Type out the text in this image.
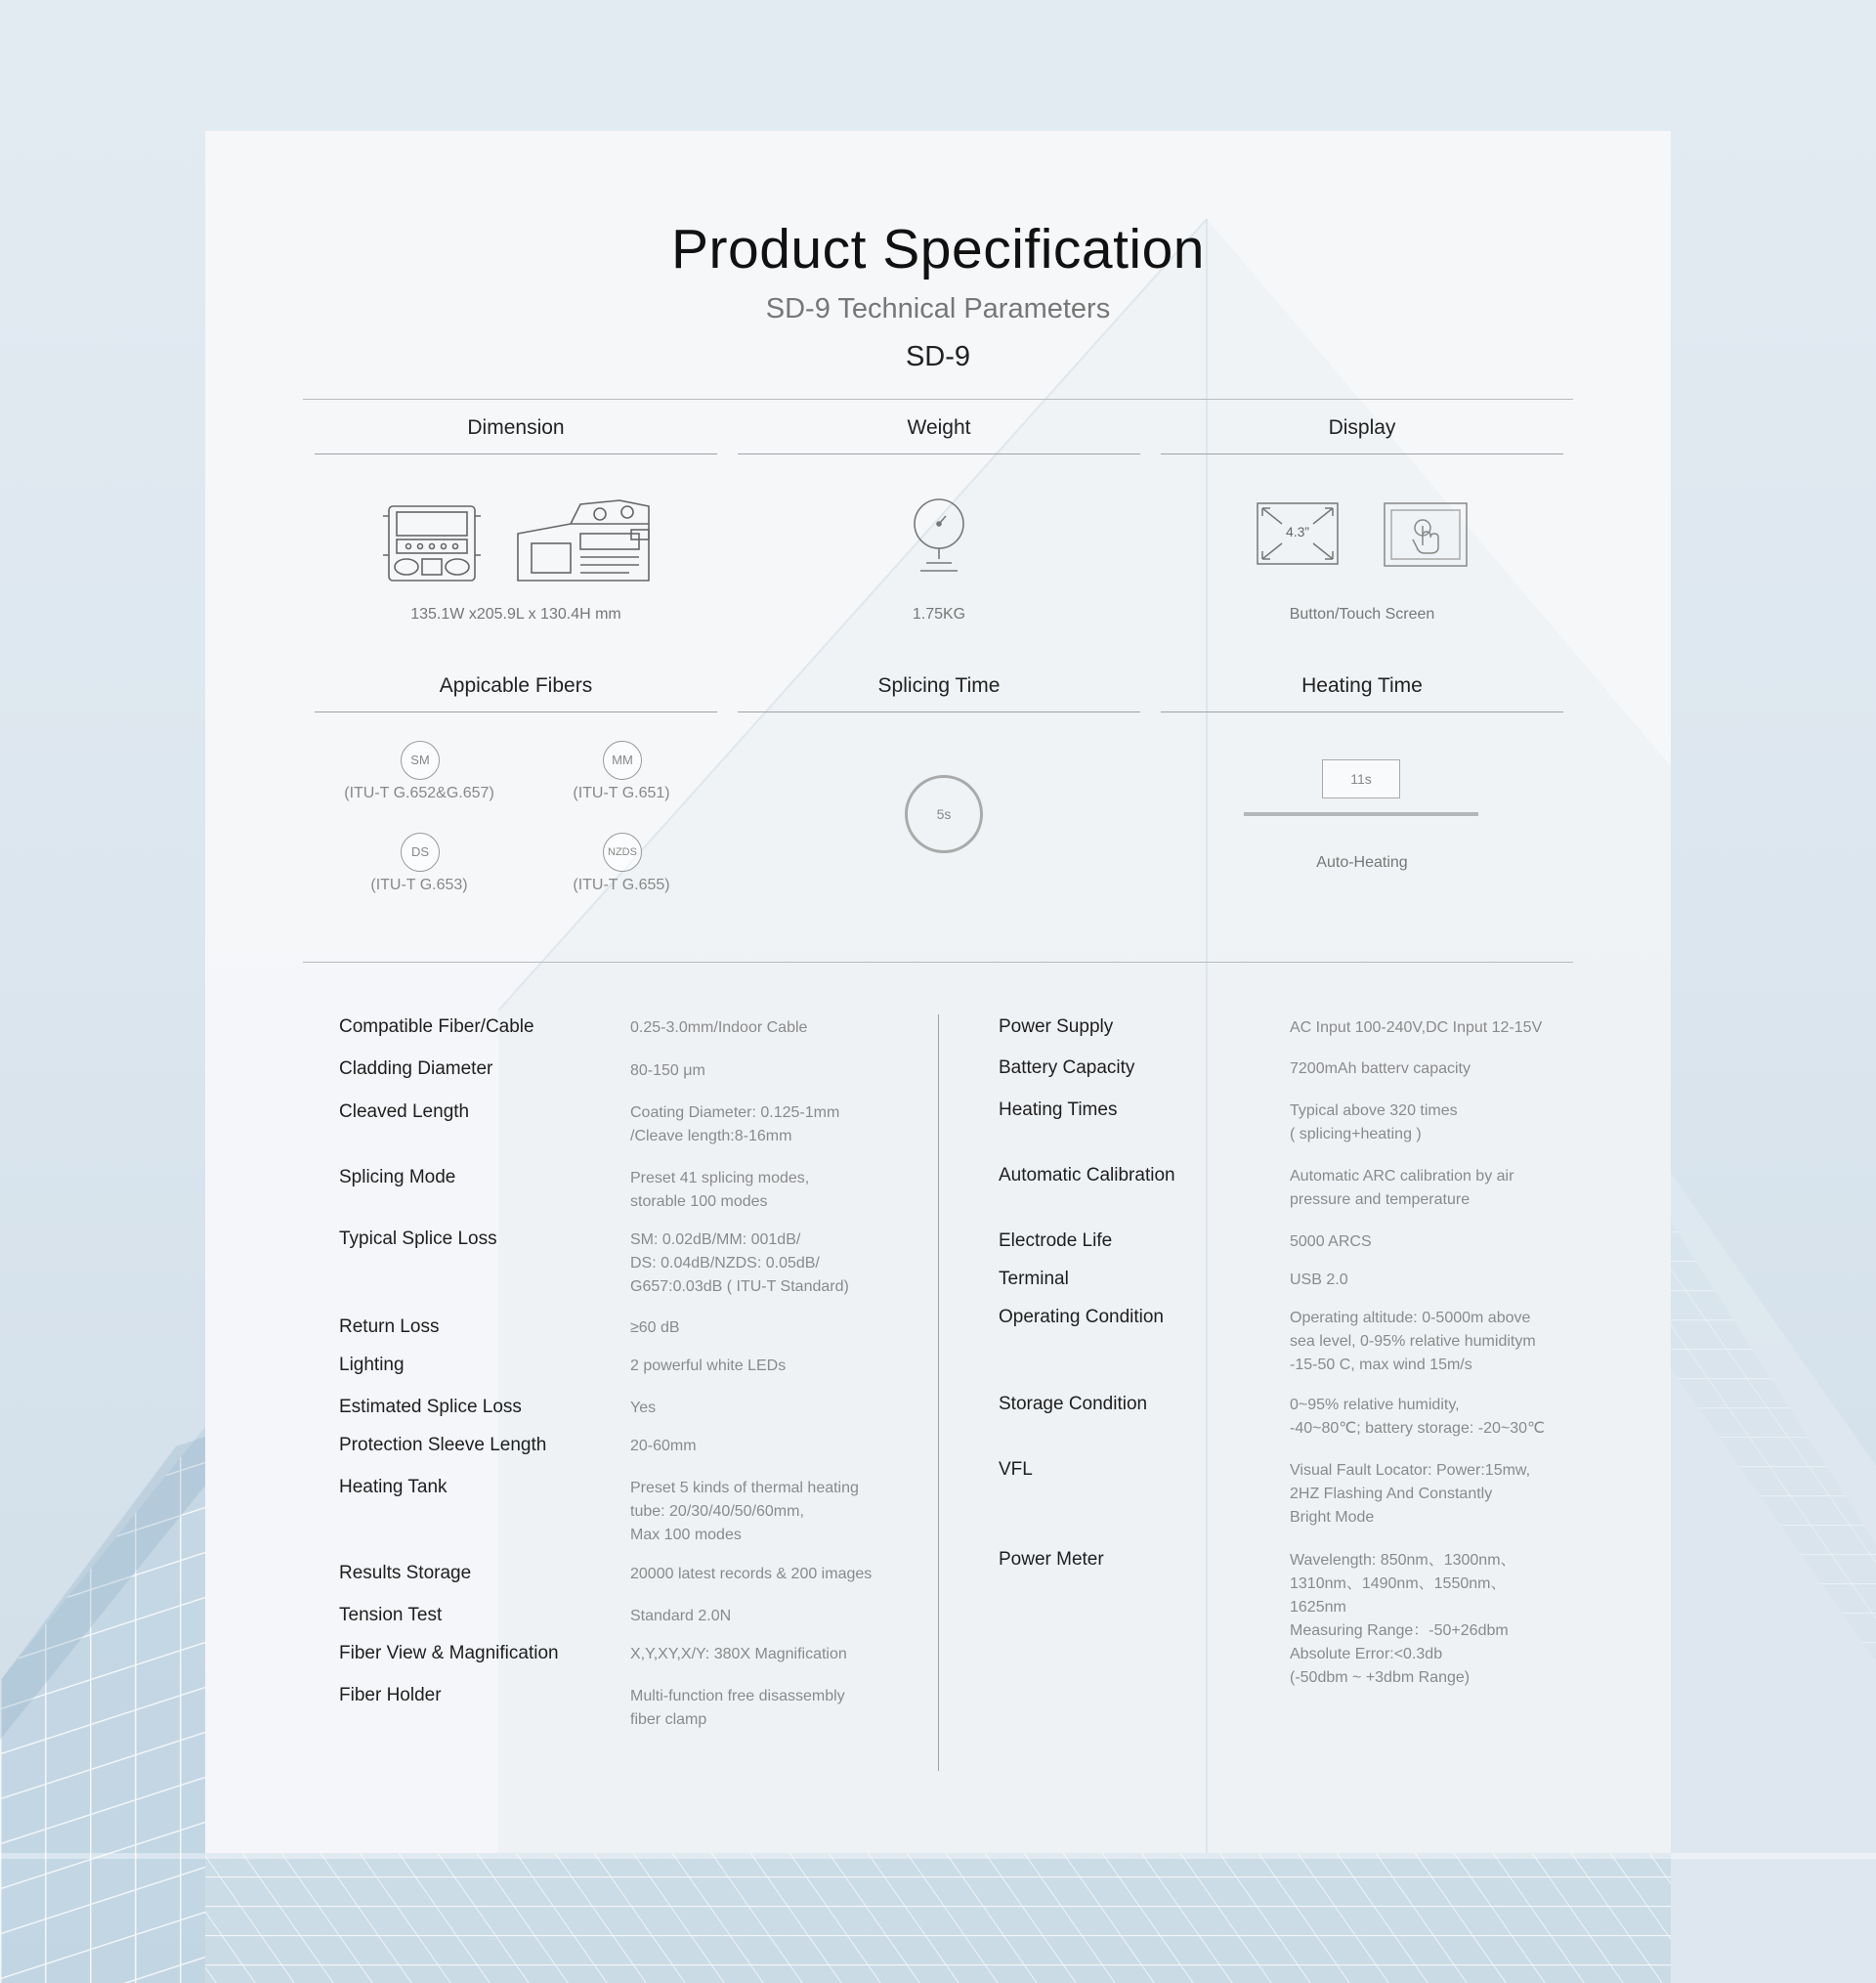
Product Specification
SD-9 Technical Parameters
SD-9
Dimension	Weight	Display
135.1W x205.9L x 130.4H mm	1.75KG
4.3”
Button/Touch Screen
Appicable Fibers	Splicing Time	Heating Time
SM
(ITU-T G.652&G.657)
MM
(ITU-T G.651)
DS
(ITU-T G.653)
NZDS
(ITU-T G.655)
5s
11s
Auto-Heating
Compatible Fiber/Cable	0.25-3.0mm/Indoor Cable
Cladding Diameter	80-150 μm
Cleaved Length	Coating Diameter: 0.125-1mm
/Cleave length:8-16mm
Splicing Mode	Preset 41 splicing modes,
storable 100 modes
Typical Splice Loss	SM: 0.02dB/MM: 001dB/
DS: 0.04dB/NZDS: 0.05dB/
G657:0.03dB ( ITU-T Standard)
Return Loss	≥60 dB
Lighting	2 powerful white LEDs
Estimated Splice Loss	Yes
Protection Sleeve Length	20-60mm
Heating Tank	Preset 5 kinds of thermal heating
tube: 20/30/40/50/60mm,
Max 100 modes
Results Storage	20000 latest records & 200 images
Tension Test	Standard 2.0N
Fiber View & Magnification	X,Y,XY,X/Y: 380X Magnification
Fiber Holder	Multi-function free disassembly
fiber clamp
Power Supply	AC Input 100-240V,DC Input 12-15V
Battery Capacity	7200mAh batterv capacity
Heating Times	Typical above 320 times
( splicing+heating )
Automatic Calibration	Automatic ARC calibration by air
pressure and temperature
Electrode Life	5000 ARCS
Terminal	USB 2.0
Operating Condition	Operating altitude: 0-5000m above
sea level, 0-95% relative humiditym
-15-50 C, max wind 15m/s
Storage Condition	0~95% relative humidity,
-40~80℃; battery storage: -20~30℃
VFL	Visual Fault Locator: Power:15mw,
2HZ Flashing And Constantly
Bright Mode
Power Meter	Wavelength: 850nm、1300nm、
1310nm、1490nm、1550nm、
1625nm
Measuring Range：-50+26dbm
Absolute Error:<0.3db
(-50dbm ~ +3dbm Range)
